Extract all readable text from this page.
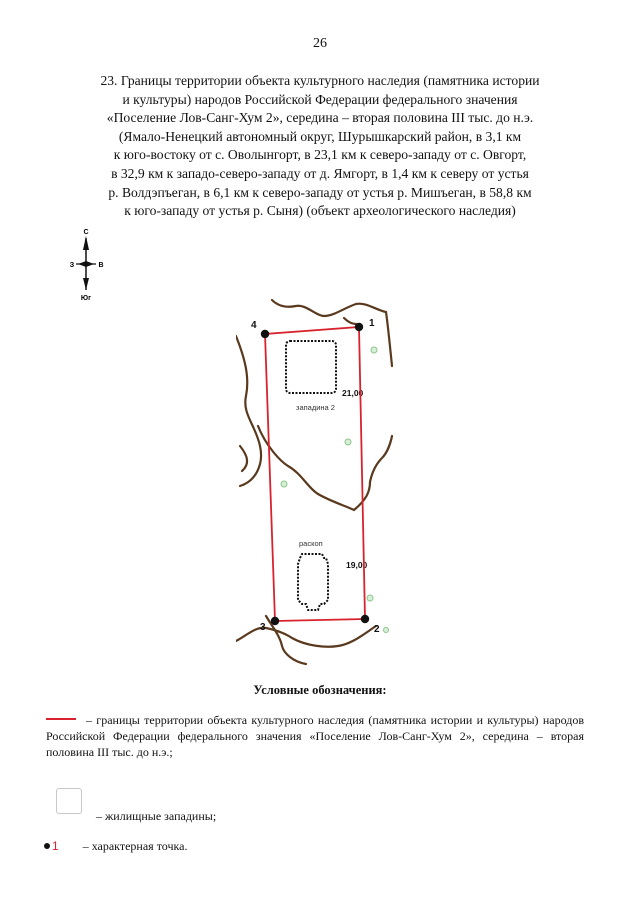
26
23. Границы территории объекта культурного наследия (памятника истории
и культуры) народов Российской Федерации федерального значения
«Поселение Лов-Санг-Хум 2», середина – вторая половина III тыс. до н.э.
(Ямало-Ненецкий автономный округ, Шурышкарский район, в 3,1 км
к юго-востоку от с. Оволынгорт, в 23,1 км к северо-западу от с. Овгорт,
в 32,9 км к западо-северо-западу от д. Ямгорт, в 1,4 км к северу от устья
р. Волдэпъеган, в 6,1 км к северо-западу от устья р. Мишъеган, в 58,8 км
к юго-западу от устья р. Сыня) (объект археологического наследия)
С
З	В
Юг
западина 2
21,00
раскоп
19,00
1
2
3
4
Условные обозначения:
– границы территории объекта культурного наследия (памятника истории и культуры) народов Российской Федерации федерального значения «Поселение Лов-Санг-Хум 2», середина – вторая половина III тыс. до н.э.;
– жилищные западины;
1 – характерная точка.
